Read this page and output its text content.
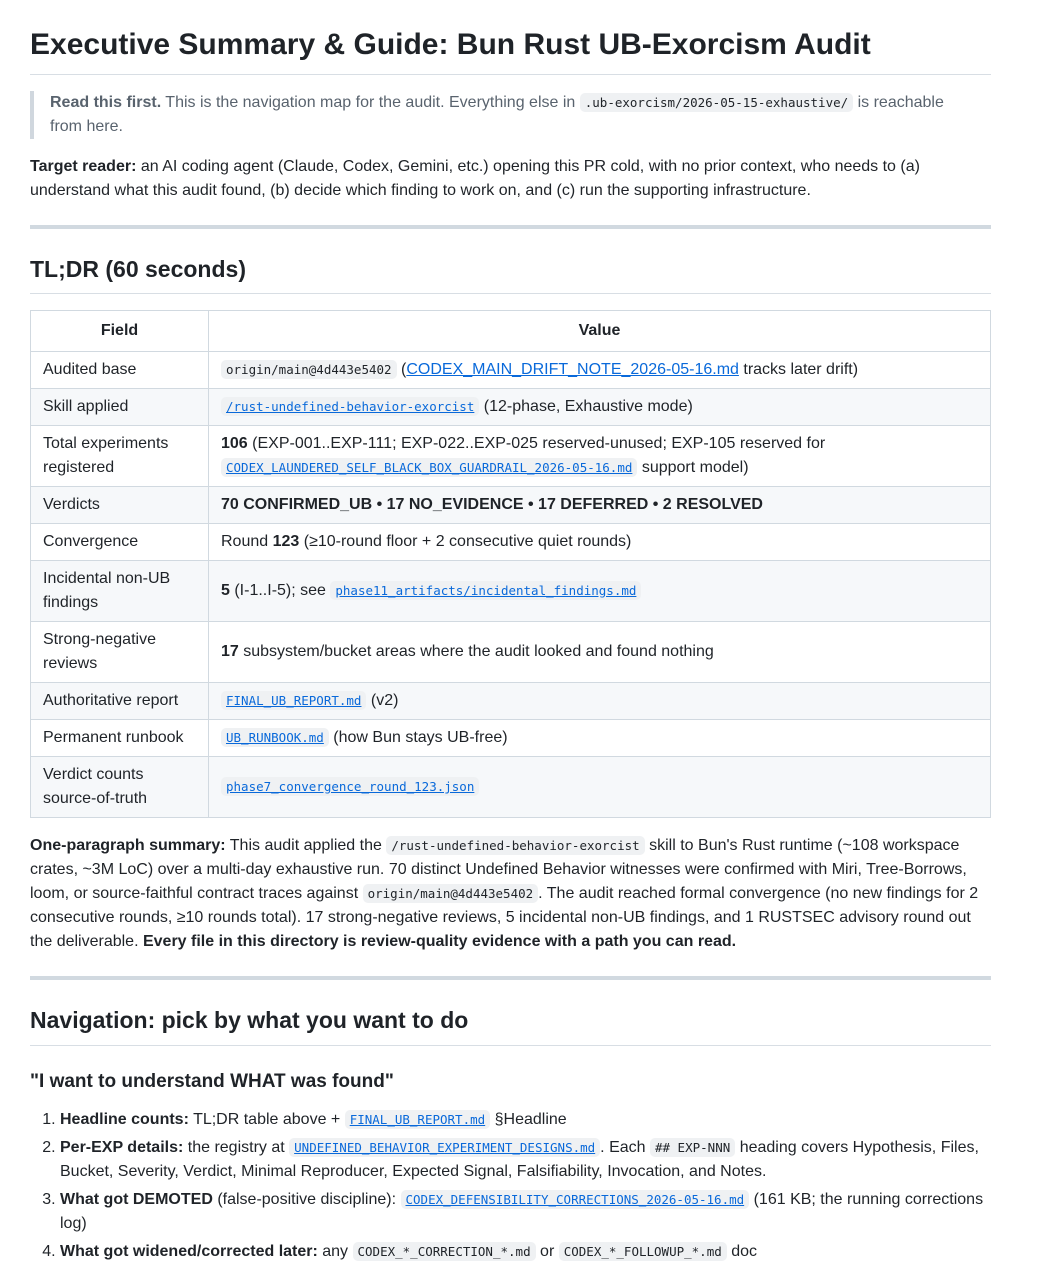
Executive Summary & Guide: Bun Rust UB-Exorcism Audit
Read this first. This is the navigation map for the audit. Everything else in .ub-exorcism/2026-05-15-exhaustive/ is reachable from here.

Target reader: an AI coding agent (Claude, Codex, Gemini, etc.) opening this PR cold, with no prior context, who needs to (a) understand what this audit found, (b) decide which finding to work on, and (c) run the supporting infrastructure.

TL;DR (60 seconds)
Field	Value
Audited base	origin/main@4d443e5402 (CODEX_MAIN_DRIFT_NOTE_2026-05-16.md tracks later drift)
Skill applied	/rust-undefined-behavior-exorcist (12-phase, Exhaustive mode)
Total experiments registered	106 (EXP-001..EXP-111; EXP-022..EXP-025 reserved-unused; EXP-105 reserved for CODEX_LAUNDERED_SELF_BLACK_BOX_GUARDRAIL_2026-05-16.md support model)
Verdicts	70 CONFIRMED_UB • 17 NO_EVIDENCE • 17 DEFERRED • 2 RESOLVED
Convergence	Round 123 (≥10-round floor + 2 consecutive quiet rounds)
Incidental non-UB findings	5 (I-1..I-5); see phase11_artifacts/incidental_findings.md
Strong-negative reviews	17 subsystem/bucket areas where the audit looked and found nothing
Authoritative report	FINAL_UB_REPORT.md (v2)
Permanent runbook	UB_RUNBOOK.md (how Bun stays UB-free)
Verdict counts source-of-truth	phase7_convergence_round_123.json

One-paragraph summary: This audit applied the /rust-undefined-behavior-exorcist skill to Bun's Rust runtime (~108 workspace crates, ~3M LoC) over a multi-day exhaustive run. 70 distinct Undefined Behavior witnesses were confirmed with Miri, Tree-Borrows, loom, or source-faithful contract traces against origin/main@4d443e5402 . The audit reached formal convergence (no new findings for 2 consecutive rounds, ≥10 rounds total). 17 strong-negative reviews, 5 incidental non-UB findings, and 1 RUSTSEC advisory round out the deliverable. Every file in this directory is review-quality evidence with a path you can read.

Navigation: pick by what you want to do
"I want to understand WHAT was found"
1. Headline counts: TL;DR table above + FINAL_UB_REPORT.md §Headline
2. Per-EXP details: the registry at UNDEFINED_BEHAVIOR_EXPERIMENT_DESIGNS.md . Each ## EXP-NNN heading covers Hypothesis, Files, Bucket, Severity, Verdict, Minimal Reproducer, Expected Signal, Falsifiability, Invocation, and Notes.
3. What got DEMOTED (false-positive discipline): CODEX_DEFENSIBILITY_CORRECTIONS_2026-05-16.md (161 KB; the running corrections log)
4. What got widened/corrected later: any CODEX_*_CORRECTION_*.md or CODEX_*_FOLLOWUP_*.md doc
